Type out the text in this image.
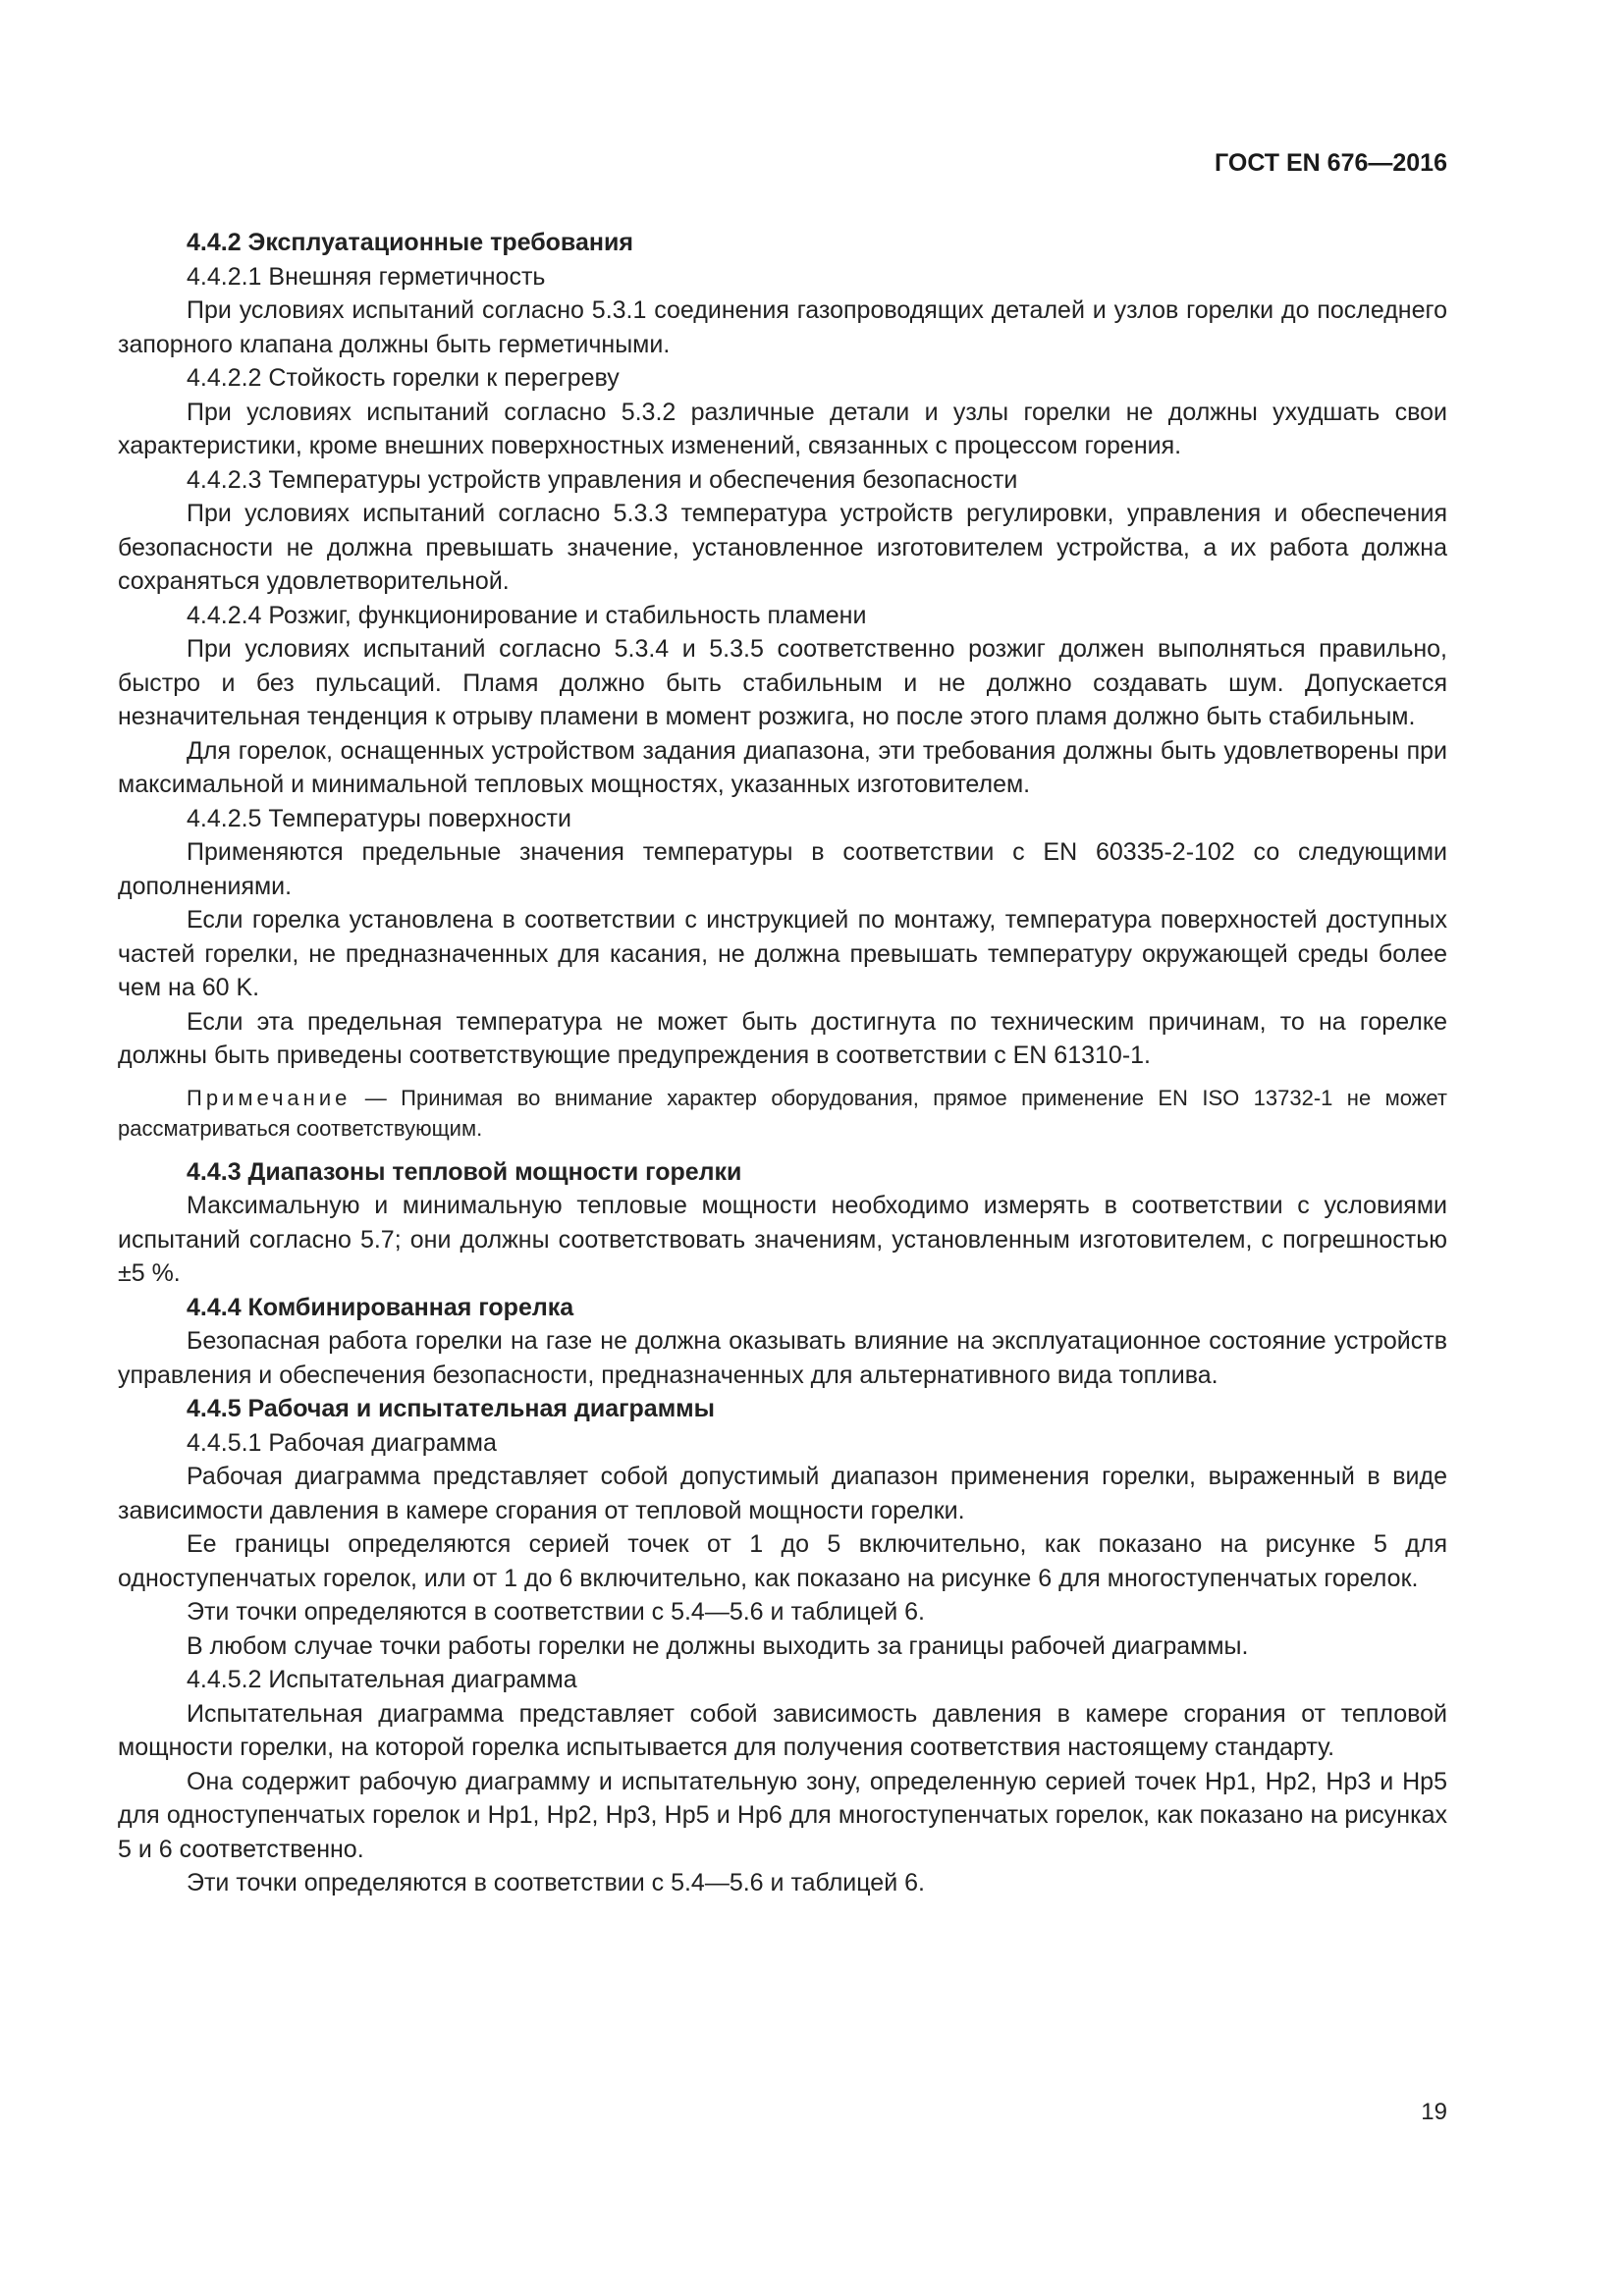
ГОСТ EN 676—2016

4.4.2 Эксплуатационные требования

4.4.2.1 Внешняя герметичность

При условиях испытаний согласно 5.3.1 соединения газопроводящих деталей и узлов горелки до последнего запорного клапана должны быть герметичными.

4.4.2.2 Стойкость горелки к перегреву

При условиях испытаний согласно 5.3.2 различные детали и узлы горелки не должны ухудшать свои характеристики, кроме внешних поверхностных изменений, связанных с процессом горения.

4.4.2.3 Температуры устройств управления и обеспечения безопасности

При условиях испытаний согласно 5.3.3 температура устройств регулировки, управления и обеспечения безопасности не должна превышать значение, установленное изготовителем устройства, а их работа должна сохраняться удовлетворительной.

4.4.2.4 Розжиг, функционирование и стабильность пламени

При условиях испытаний согласно 5.3.4 и 5.3.5 соответственно розжиг должен выполняться правильно, быстро и без пульсаций. Пламя должно быть стабильным и не должно создавать шум. Допускается незначительная тенденция к отрыву пламени в момент розжига, но после этого пламя должно быть стабильным.

Для горелок, оснащенных устройством задания диапазона, эти требования должны быть удовлетворены при максимальной и минимальной тепловых мощностях, указанных изготовителем.

4.4.2.5 Температуры поверхности

Применяются предельные значения температуры в соответствии с EN 60335-2-102 со следующими дополнениями.

Если горелка установлена в соответствии с инструкцией по монтажу, температура поверхностей доступных частей горелки, не предназначенных для касания, не должна превышать температуру окружающей среды более чем на 60 K.

Если эта предельная температура не может быть достигнута по техническим причинам, то на горелке должны быть приведены соответствующие предупреждения в соответствии с EN 61310-1.

Примечание — Принимая во внимание характер оборудования, прямое применение EN ISO 13732-1 не может рассматриваться соответствующим.

4.4.3 Диапазоны тепловой мощности горелки

Максимальную и минимальную тепловые мощности необходимо измерять в соответствии с условиями испытаний согласно 5.7; они должны соответствовать значениям, установленным изготовителем, с погрешностью ±5 %.

4.4.4 Комбинированная горелка

Безопасная работа горелки на газе не должна оказывать влияние на эксплуатационное состояние устройств управления и обеспечения безопасности, предназначенных для альтернативного вида топлива.

4.4.5 Рабочая и испытательная диаграммы

4.4.5.1 Рабочая диаграмма

Рабочая диаграмма представляет собой допустимый диапазон применения горелки, выраженный в виде зависимости давления в камере сгорания от тепловой мощности горелки.

Ее границы определяются серией точек от 1 до 5 включительно, как показано на рисунке 5 для одноступенчатых горелок, или от 1 до 6 включительно, как показано на рисунке 6 для многоступенчатых горелок.

Эти точки определяются в соответствии с 5.4—5.6 и таблицей 6.

В любом случае точки работы горелки не должны выходить за границы рабочей диаграммы.

4.4.5.2 Испытательная диаграмма

Испытательная диаграмма представляет собой зависимость давления в камере сгорания от тепловой мощности горелки, на которой горелка испытывается для получения соответствия настоящему стандарту.

Она содержит рабочую диаграмму и испытательную зону, определенную серией точек Hp1, Hp2, Hp3 и Hp5 для одноступенчатых горелок и Hp1, Hp2, Hp3, Hp5 и Hp6 для многоступенчатых горелок, как показано на рисунках 5 и 6 соответственно.

Эти точки определяются в соответствии с 5.4—5.6 и таблицей 6.

19
